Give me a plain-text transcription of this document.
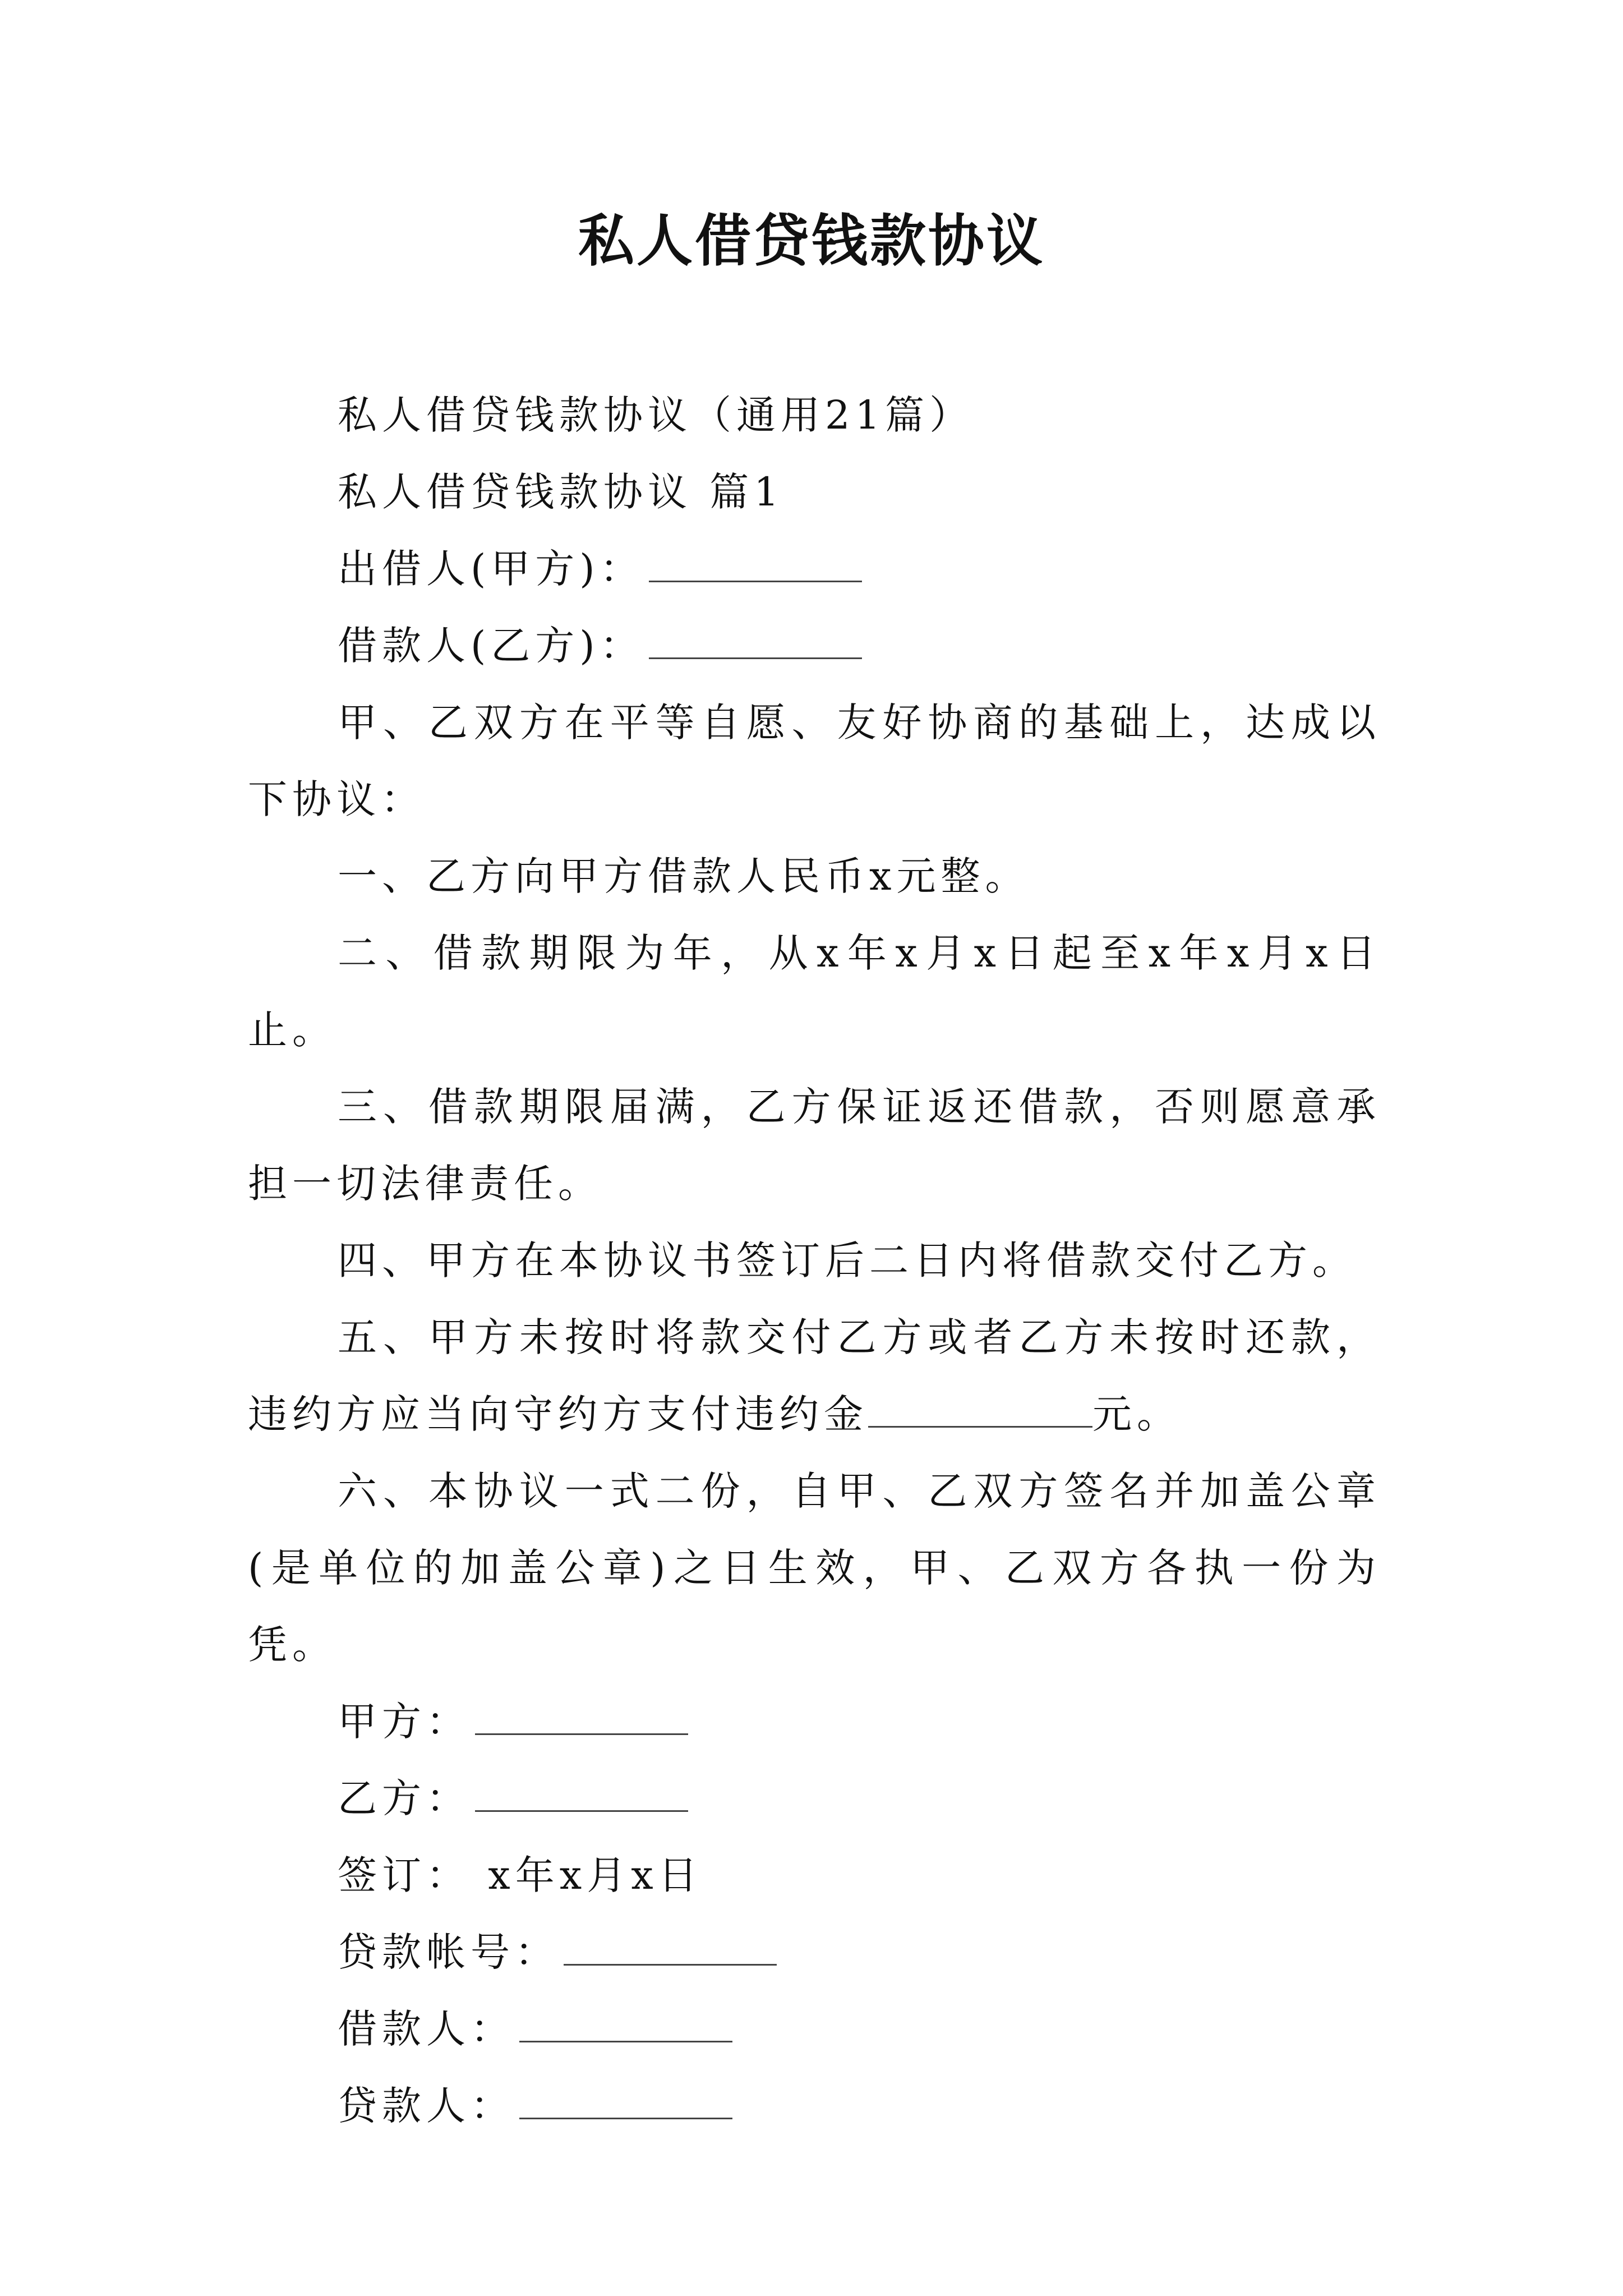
私人借贷钱款协议

私人借贷钱款协议（通用21篇）

私人借贷钱款协议 篇1

出借人(甲方)：

借款人(乙方)：

甲、乙双方在平等自愿、友好协商的基础上，达成以下协议：

一、乙方向甲方借款人民币x元整。

二、借款期限为年，从x年x月x日起至x年x月x日止。

三、借款期限届满，乙方保证返还借款，否则愿意承担一切法律责任。

四、甲方在本协议书签订后二日内将借款交付乙方。

五、甲方未按时将款交付乙方或者乙方未按时还款，违约方应当向守约方支付违约金	元。

六、本协议一式二份，自甲、乙双方签名并加盖公章(是单位的加盖公章)之日生效，甲、乙双方各执一份为凭。

甲方：

乙方：

签订： x年x月x日

贷款帐号：

借款人：

贷款人：
